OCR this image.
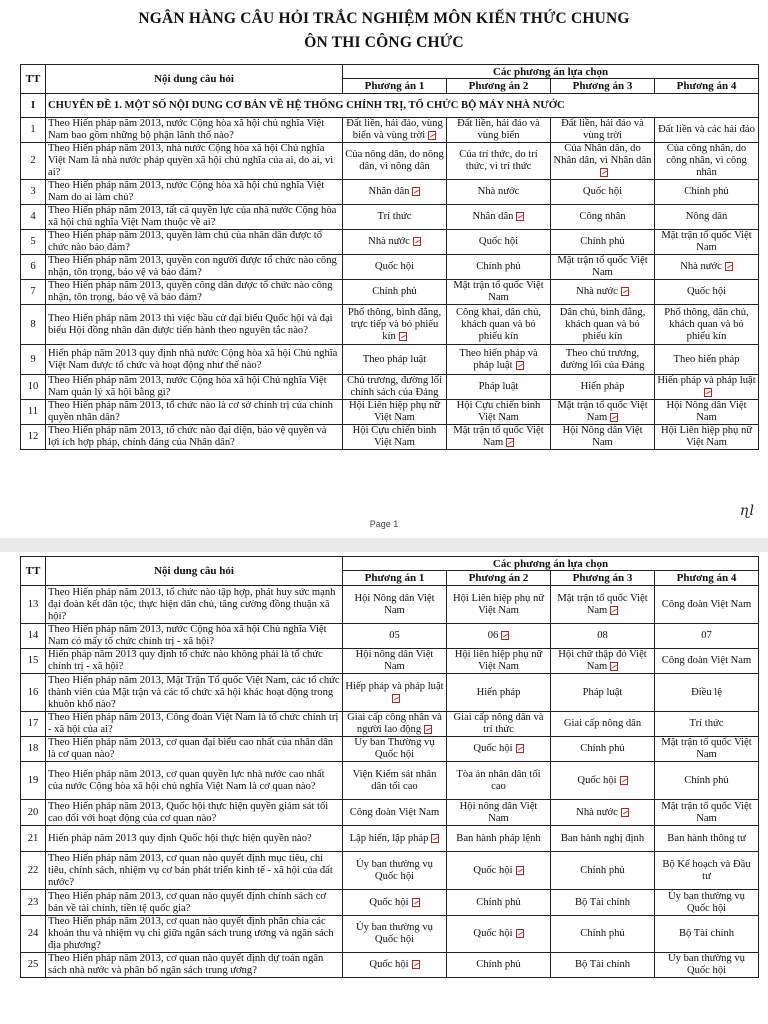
NGÂN HÀNG CÂU HỎI TRẮC NGHIỆM MÔN KIẾN THỨC CHUNG
ÔN THI CÔNG CHỨC
TT	Nội dung câu hỏi	Các phương án lựa chọn			
		Phương án 1	Phương án 2	Phương án 3	Phương án 4
I	CHUYÊN ĐỀ 1. MỘT SỐ NỘI DUNG CƠ BẢN VỀ HỆ THỐNG CHÍNH TRỊ, TỔ CHỨC BỘ MÁY NHÀ NƯỚC				
1	Theo Hiến pháp năm 2013, nước Cộng hòa xã hội chủ nghĩa Việt Nam bao gồm những bộ phận lãnh thổ nào?	Đất liền, hải đảo, vùng biển và vùng trời	Đất liền, hải đảo và vùng biển	Đất liền, hải đảo và vùng trời	Đất liền và các hải đảo
2	Theo Hiến pháp năm 2013, nhà nước Cộng hòa xã hội Chủ nghĩa Việt Nam là nhà nước pháp quyền xã hội chủ nghĩa của ai, do ai, vì ai?	Của nông dân, do nông dân, vì nông dân	Của trí thức, do trí thức, vì trí thức	Của Nhân dân, do Nhân dân, vì Nhân dân	Của công nhân, do công nhân, vì công nhân
3	Theo Hiến pháp năm 2013, nước Cộng hòa xã hội chủ nghĩa Việt Nam do ai làm chủ?	Nhân dân	Nhà nước	Quốc hội	Chính phủ
4	Theo Hiến pháp năm 2013, tất cả quyền lực của nhà nước Cộng hòa xã hội chủ nghĩa Việt Nam thuộc về ai?	Trí thức	Nhân dân	Công nhân	Nông dân
5	Theo Hiến pháp năm 2013, quyền làm chủ của nhân dân được tổ chức nào bảo đảm?	Nhà nước	Quốc hội	Chính phủ	Mặt trận tổ quốc Việt Nam
6	Theo Hiến pháp năm 2013, quyền con người được tổ chức nào công nhận, tôn trọng, bảo vệ và bảo đảm?	Quốc hội	Chính phủ	Mặt trận tổ quốc Việt Nam	Nhà nước
7	Theo Hiến pháp năm 2013, quyền công dân được tổ chức nào công nhận, tôn trọng, bảo vệ và bảo đảm?	Chính phủ	Mặt trận tổ quốc Việt Nam	Nhà nước	Quốc hội
8	Theo Hiến pháp năm 2013 thì việc bầu cử đại biểu Quốc hội và đại biểu Hội đồng nhân dân được tiến hành theo nguyên tắc nào?	Phổ thông, bình đẳng, trực tiếp và bỏ phiếu kín	Công khai, dân chủ, khách quan và bỏ phiếu kín	Dân chủ, bình đẳng, khách quan và bỏ phiếu kín	Phổ thông, dân chủ, khách quan và bỏ phiếu kín
9	Hiến pháp năm 2013 quy định nhà nước Cộng hòa xã hội Chủ nghĩa Việt Nam được tổ chức và hoạt động như thế nào?	Theo pháp luật	Theo hiến pháp và pháp luật	Theo chủ trương, đường lối của Đảng	Theo hiến pháp
10	Theo Hiến pháp năm 2013, nước Cộng hòa xã hội Chủ nghĩa Việt Nam quản lý xã hội bằng gì?	Chủ trương, đường lối chính sách của Đảng	Pháp luật	Hiến pháp	Hiến pháp và pháp luật
11	Theo Hiến pháp năm 2013, tổ chức nào là cơ sở chính trị của chính quyền nhân dân?	Hội Liên hiệp phụ nữ Việt Nam	Hội Cựu chiến binh Việt Nam	Mặt trận tổ quốc Việt Nam	Hội Nông dân Việt Nam
12	Theo Hiến pháp năm 2013, tổ chức nào đại diện, bảo vệ quyền và lợi ích hợp pháp, chính đáng của Nhân dân?	Hội Cựu chiến binh Việt Nam	Mặt trận tổ quốc Việt Nam	Hội Nông dân Việt Nam	Hội Liên hiệp phụ nữ Việt Nam
ɳl
Page 1
TT	Nội dung câu hỏi	Các phương án lựa chọn			
		Phương án 1	Phương án 2	Phương án 3	Phương án 4
13	Theo Hiến pháp năm 2013, tổ chức nào tập hợp, phát huy sức mạnh đại đoàn kết dân tộc, thực hiện dân chủ, tăng cường đồng thuận xã hội?	Hội Nông dân Việt Nam	Hội Liên hiệp phụ nữ Việt Nam	Mặt trận tổ quốc Việt Nam	Công đoàn Việt Nam
14	Theo Hiến pháp năm 2013, nước Cộng hòa xã hội Chủ nghĩa Việt Nam có mấy tổ chức chính trị - xã hội?	05	06	08	07
15	Hiến pháp năm 2013 quy định tổ chức nào không phải là tổ chức chính trị - xã hội?	Hội nông dân Việt Nam	Hội liên hiệp phụ nữ Việt Nam	Hội chữ thập đỏ Việt Nam	Công đoàn Việt Nam
16	Theo Hiến pháp năm 2013, Mặt Trận Tổ quốc Việt Nam, các tổ chức thành viên của Mặt trận và các tổ chức xã hội khác hoạt động trong khuôn khổ nào?	Hiếp pháp và pháp luật	Hiến pháp	Pháp luật	Điều lệ
17	Theo Hiến pháp năm 2013, Công đoàn Việt Nam là tổ chức chính trị - xã hội của ai?	Giai cấp công nhân và người lao động	Giai cấp nông dân và trí thức	Giai cấp nông dân	Trí thức
18	Theo Hiến pháp năm 2013, cơ quan đại biểu cao nhất của nhân dân là cơ quan nào?	Ủy ban Thường vụ Quốc hội	Quốc hội	Chính phủ	Mặt trận tổ quốc Việt Nam
19	Theo Hiến pháp năm 2013, cơ quan quyền lực nhà nước cao nhất của nước Cộng hòa xã hội chủ nghĩa Việt Nam là cơ quan nào?	Viện Kiểm sát nhân dân tối cao	Tòa án nhân dân tối cao	Quốc hội	Chính phủ
20	Theo Hiến pháp năm 2013, Quốc hội thực hiện quyền giám sát tối cao đối với hoạt động của cơ quan nào?	Công đoàn Việt Nam	Hội nông dân Việt Nam	Nhà nước	Mặt trận tổ quốc Việt Nam
21	Hiến pháp năm 2013 quy định Quốc hội thực hiện quyền nào?	Lập hiến, lập pháp	Ban hành pháp lệnh	Ban hành nghị định	Ban hành thông tư
22	Theo Hiến pháp năm 2013, cơ quan nào quyết định mục tiêu, chỉ tiêu, chính sách, nhiệm vụ cơ bản phát triển kinh tế - xã hội của đất nước?	Ủy ban thường vụ Quốc hội	Quốc hội	Chính phủ	Bộ Kế hoạch và Đầu tư
23	Theo Hiến pháp năm 2013, cơ quan nào quyết định chính sách cơ bản về tài chính, tiền tệ quốc gia?	Quốc hội	Chính phủ	Bộ Tài chính	Ủy ban thường vụ Quốc hội
24	Theo Hiến pháp năm 2013, cơ quan nào quyết định phân chia các khoản thu và nhiệm vụ chi giữa ngân sách trung ương và ngân sách địa phương?	Ủy ban thường vụ Quốc hội	Quốc hội	Chính phủ	Bộ Tài chính
25	Theo Hiến pháp năm 2013, cơ quan nào quyết định dự toán ngân sách nhà nước và phân bổ ngân sách trung ương?	Quốc hội	Chính phủ	Bộ Tài chính	Ủy ban thường vụ Quốc hội
